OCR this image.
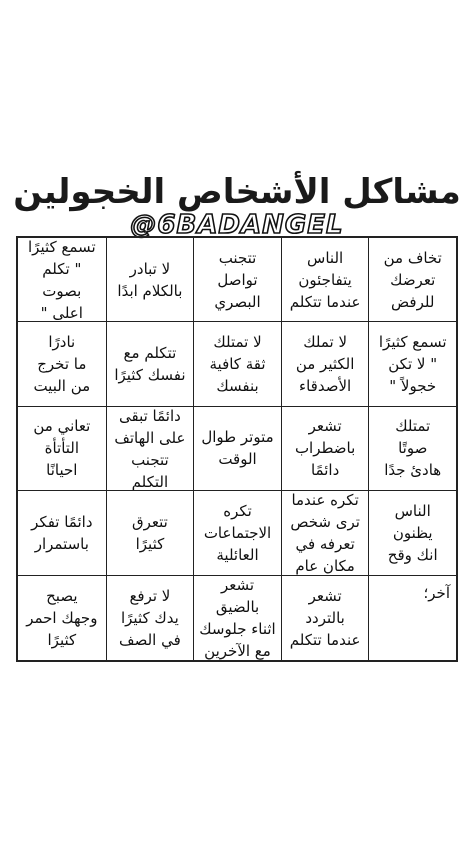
مشاكل الأشخاص الخجولين
@6BADANGEL
تخاف من
تعرضك
للرفض
الناس
يتفاجئون
عندما تتكلم
تتجنب
تواصل
البصري
لا تبادر
بالكلام ابدًا
تسمع كثيرًا
" تكلم بصوت
اعلى "
تسمع كثيرًا
" لا تكن
خجولاً "
لا تملك
الكثير من
الأصدقاء
لا تمتلك
ثقة كافية
بنفسك
تتكلم مع
نفسك كثيرًا
نادرًا
ما تخرج
من البيت
تمتلك
صوتًا
هادئ جدًا
تشعر
باضطراب
دائمًا
متوتر طوال
الوقت
دائمًا تبقى
على الهاتف
تتجنب التكلم
تعاني من
التأتأة
احيانًا
الناس
يظنون
انك وقح
تكره عندما
ترى شخص
تعرفه في
مكان عام
تكره
الاجتماعات
العائلية
تتعرق
كثيرًا
دائمًا تفكر
باستمرار
آخر؛
تشعر
بالتردد
عندما تتكلم
تشعر بالضيق
اثناء جلوسك
مع الآخرين
لا ترفع
يدك كثيرًا
في الصف
يصبح
وجهك احمر
كثيرًا
